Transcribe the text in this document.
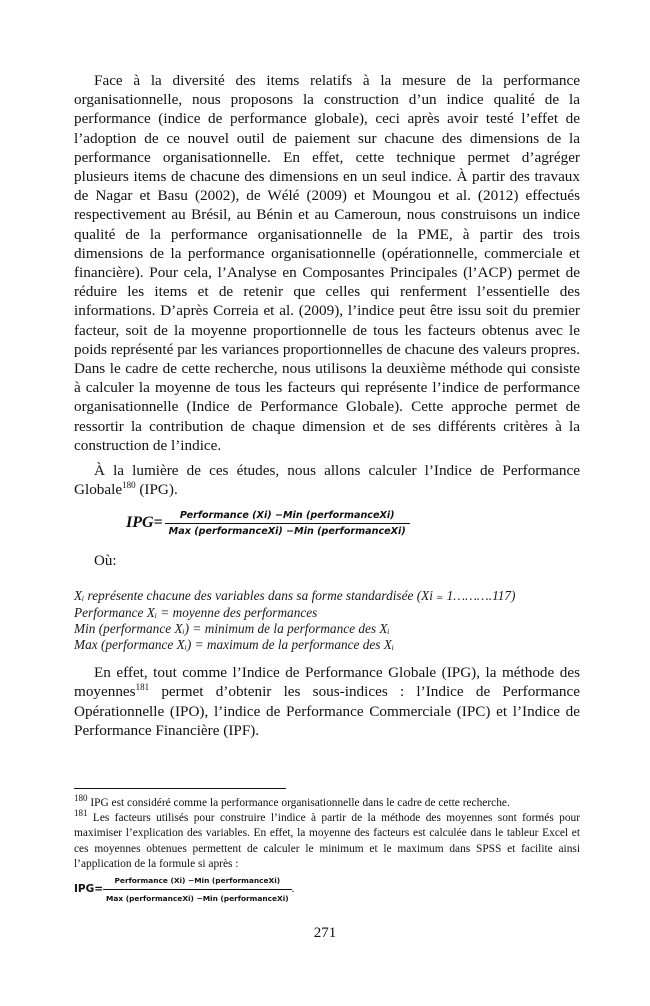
Face à la diversité des items relatifs à la mesure de la performance organisationnelle, nous proposons la construction d’un indice qualité de la performance (indice de performance globale), ceci après avoir testé l’effet de l’adoption de ce nouvel outil de paiement sur chacune des dimensions de la performance organisationnelle. En effet, cette technique permet d’agréger plusieurs items de chacune des dimensions en un seul indice. À partir des travaux de Nagar et Basu (2002), de Wélé (2009) et Moungou et al. (2012) effectués respectivement au Brésil, au Bénin et au Cameroun, nous construisons un indice qualité de la performance organisationnelle de la PME, à partir des trois dimensions de la performance organisationnelle (opérationnelle, commerciale et financière). Pour cela, l’Analyse en Composantes Principales (l’ACP) permet de réduire les items et de retenir que celles qui renferment l’essentielle des informations. D’après Correia et al. (2009), l’indice peut être issu soit du premier facteur, soit de la moyenne proportionnelle de tous les facteurs obtenus avec le poids représenté par les variances proportionnelles de chacune des valeurs propres. Dans le cadre de cette recherche, nous utilisons la deuxième méthode qui consiste à calculer la moyenne de tous les facteurs qui représente l’indice de performance organisationnelle (Indice de Performance Globale). Cette approche permet de ressortir la contribution de chaque dimension et de ses différents critères à la construction de l’indice.

À la lumière de ces études, nous allons calculer l’Indice de Performance Globale$^{180}$ (IPG).

$IPG= \frac{\text{Performance (Xi) −Min (performanceXi)}}{\text{Max (performanceXi) −Min (performanceXi)}}$
Où:
Xᵢ représente chacune des variables dans sa forme standardisée (Xi ₌ 1……….117)
Performance Xᵢ = moyenne des performances
Min (performance Xᵢ) = minimum de la performance des Xᵢ
Max (performance Xᵢ) = maximum de la performance des Xᵢ

En effet, tout comme l’Indice de Performance Globale (IPG), la méthode des moyennes$^{181}$ permet d’obtenir les sous-indices : l’Indice de Performance Opérationnelle (IPO), l’indice de Performance Commerciale (IPC) et l’Indice de Performance Financière (IPF).

$^{180}$ IPG est considéré comme la performance organisationnelle dans le cadre de cette recherche.

$^{181}$ Les facteurs utilisés pour construire l’indice à partir de la méthode des moyennes sont formés pour maximiser l’explication des variables. En effet, la moyenne des facteurs est calculée dans le tableur Excel et ces moyennes obtenues permettent de calculer le minimum et le maximum dans SPSS et facilite ainsi l’application de la formule si après :

$IPG= \frac{\text{Performance (Xi) −Min (performanceXi)}}{\text{Max (performanceXi) −Min (performanceXi)}}$ .
271
